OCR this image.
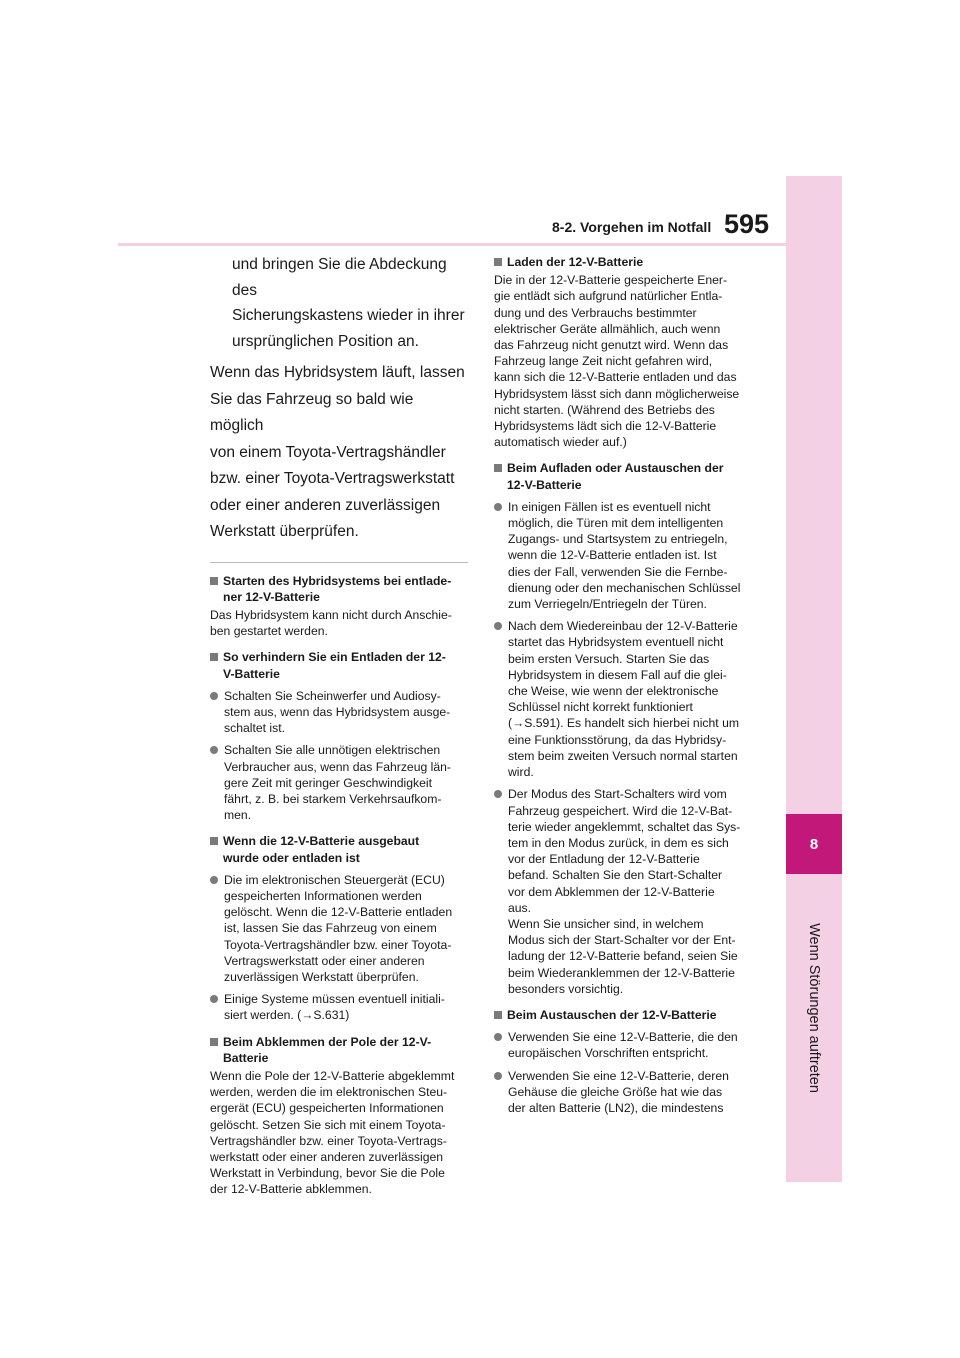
8
Wenn Störungen auftreten
8-2. Vorgehen im Notfall 595

und bringen Sie die Abdeckung des
Sicherungskastens wieder in ihrer
ursprünglichen Position an.

Wenn das Hybridsystem läuft, lassen
Sie das Fahrzeug so bald wie möglich
von einem Toyota-Vertragshändler
bzw. einer Toyota-Vertragswerkstatt
oder einer anderen zuverlässigen
Werkstatt überprüfen.

Starten des Hybridsystems bei entlade-
ner 12-V-Batterie

Das Hybridsystem kann nicht durch Anschie-
ben gestartet werden.

So verhindern Sie ein Entladen der 12-
V-Batterie
Schalten Sie Scheinwerfer und Audiosy-
stem aus, wenn das Hybridsystem ausge-
schaltet ist.
Schalten Sie alle unnötigen elektrischen
Verbraucher aus, wenn das Fahrzeug län-
gere Zeit mit geringer Geschwindigkeit
fährt, z. B. bei starkem Verkehrsaufkom-
men.
Wenn die 12-V-Batterie ausgebaut
wurde oder entladen ist
Die im elektronischen Steuergerät (ECU)
gespeicherten Informationen werden
gelöscht. Wenn die 12-V-Batterie entladen
ist, lassen Sie das Fahrzeug von einem
Toyota-Vertragshändler bzw. einer Toyota-
Vertragswerkstatt oder einer anderen
zuverlässigen Werkstatt überprüfen.
Einige Systeme müssen eventuell initiali-
siert werden. (→S.631)
Beim Abklemmen der Pole der 12-V-
Batterie

Wenn die Pole der 12-V-Batterie abgeklemmt
werden, werden die im elektronischen Steu-
ergerät (ECU) gespeicherten Informationen
gelöscht. Setzen Sie sich mit einem Toyota-
Vertragshändler bzw. einer Toyota-Vertrags-
werkstatt oder einer anderen zuverlässigen
Werkstatt in Verbindung, bevor Sie die Pole
der 12-V-Batterie abklemmen.

Laden der 12-V-Batterie

Die in der 12-V-Batterie gespeicherte Ener-
gie entlädt sich aufgrund natürlicher Entla-
dung und des Verbrauchs bestimmter
elektrischer Geräte allmählich, auch wenn
das Fahrzeug nicht genutzt wird. Wenn das
Fahrzeug lange Zeit nicht gefahren wird,
kann sich die 12-V-Batterie entladen und das
Hybridsystem lässt sich dann möglicherweise
nicht starten. (Während des Betriebs des
Hybridsystems lädt sich die 12-V-Batterie
automatisch wieder auf.)

Beim Aufladen oder Austauschen der
12-V-Batterie
In einigen Fällen ist es eventuell nicht
möglich, die Türen mit dem intelligenten
Zugangs- und Startsystem zu entriegeln,
wenn die 12-V-Batterie entladen ist. Ist
dies der Fall, verwenden Sie die Fernbe-
dienung oder den mechanischen Schlüssel
zum Verriegeln/Entriegeln der Türen.
Nach dem Wiedereinbau der 12-V-Batterie
startet das Hybridsystem eventuell nicht
beim ersten Versuch. Starten Sie das
Hybridsystem in diesem Fall auf die glei-
che Weise, wie wenn der elektronische
Schlüssel nicht korrekt funktioniert
(→S.591). Es handelt sich hierbei nicht um
eine Funktionsstörung, da das Hybridsy-
stem beim zweiten Versuch normal starten
wird.
Der Modus des Start-Schalters wird vom
Fahrzeug gespeichert. Wird die 12-V-Bat-
terie wieder angeklemmt, schaltet das Sys-
tem in den Modus zurück, in dem es sich
vor der Entladung der 12-V-Batterie
befand. Schalten Sie den Start-Schalter
vor dem Abklemmen der 12-V-Batterie
aus.
Wenn Sie unsicher sind, in welchem
Modus sich der Start-Schalter vor der Ent-
ladung der 12-V-Batterie befand, seien Sie
beim Wiederanklemmen der 12-V-Batterie
besonders vorsichtig.
Beim Austauschen der 12-V-Batterie
Verwenden Sie eine 12-V-Batterie, die den
europäischen Vorschriften entspricht.
Verwenden Sie eine 12-V-Batterie, deren
Gehäuse die gleiche Größe hat wie das
der alten Batterie (LN2), die mindestens
